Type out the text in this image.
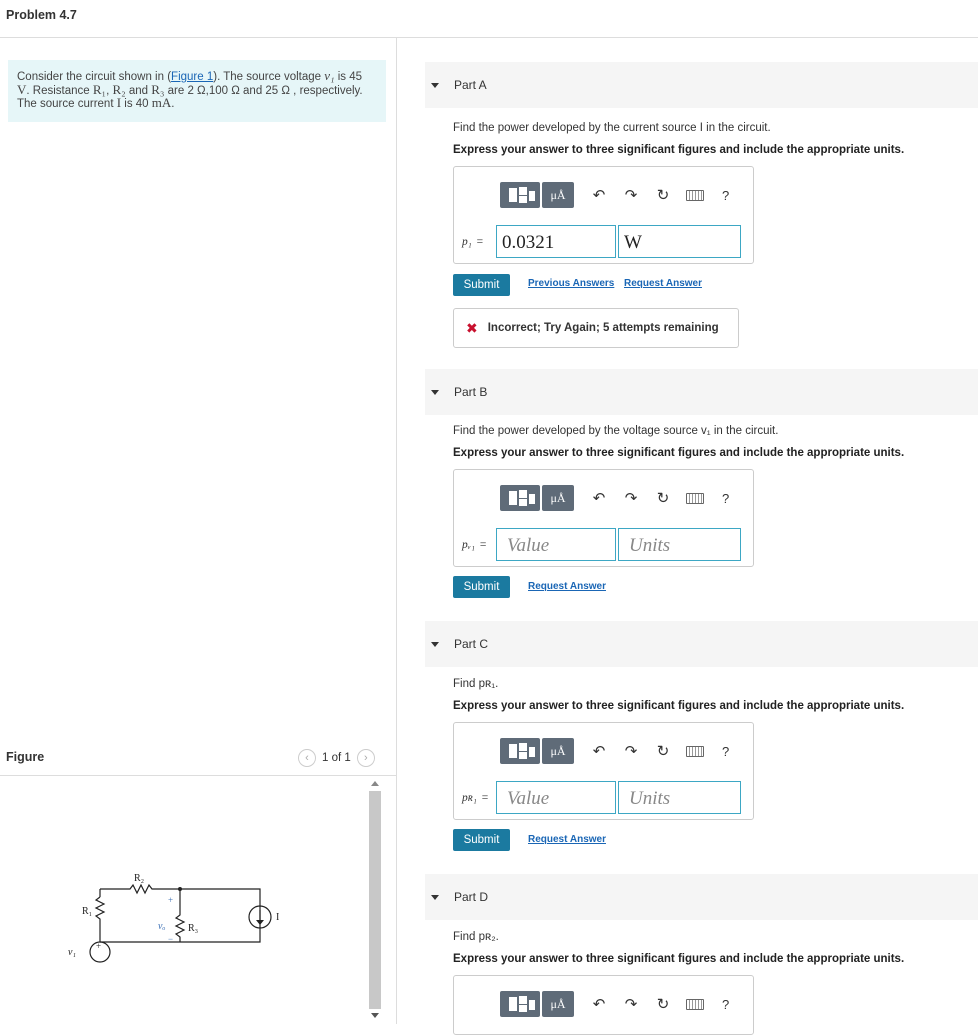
Problem 4.7
Consider the circuit shown in (Figure 1). The source voltage v₁ is 45 V. Resistance R₁, R₂ and R₃ are 2 Ω,100 Ω and 25 Ω , respectively. The source current I is 40 mA.
Figure	‹ 1 of 1 ›
R₂
R₁
R₃
v₁
vₒ
I
+
+
−
Part A
Find the power developed by the current source I in the circuit.
Express your answer to three significant figures and include the appropriate units.
μÅ	↶ ↷ ↻	?
p₁ = 0.0321	W
Submit	Previous Answers Request Answer
✖ Incorrect; Try Again; 5 attempts remaining
Part B
Find the power developed by the voltage source v₁ in the circuit.
Express your answer to three significant figures and include the appropriate units.
μÅ	↶ ↷ ↻	?
pᵥ₁ =	Value	Units
Submit	Request Answer
Part C
Find pʀ₁.
Express your answer to three significant figures and include the appropriate units.
μÅ	↶ ↷ ↻	?
pʀ₁ = Value	Units
Submit	Request Answer
Part D
Find pʀ₂.
Express your answer to three significant figures and include the appropriate units.
μÅ	↶ ↷ ↻	?
